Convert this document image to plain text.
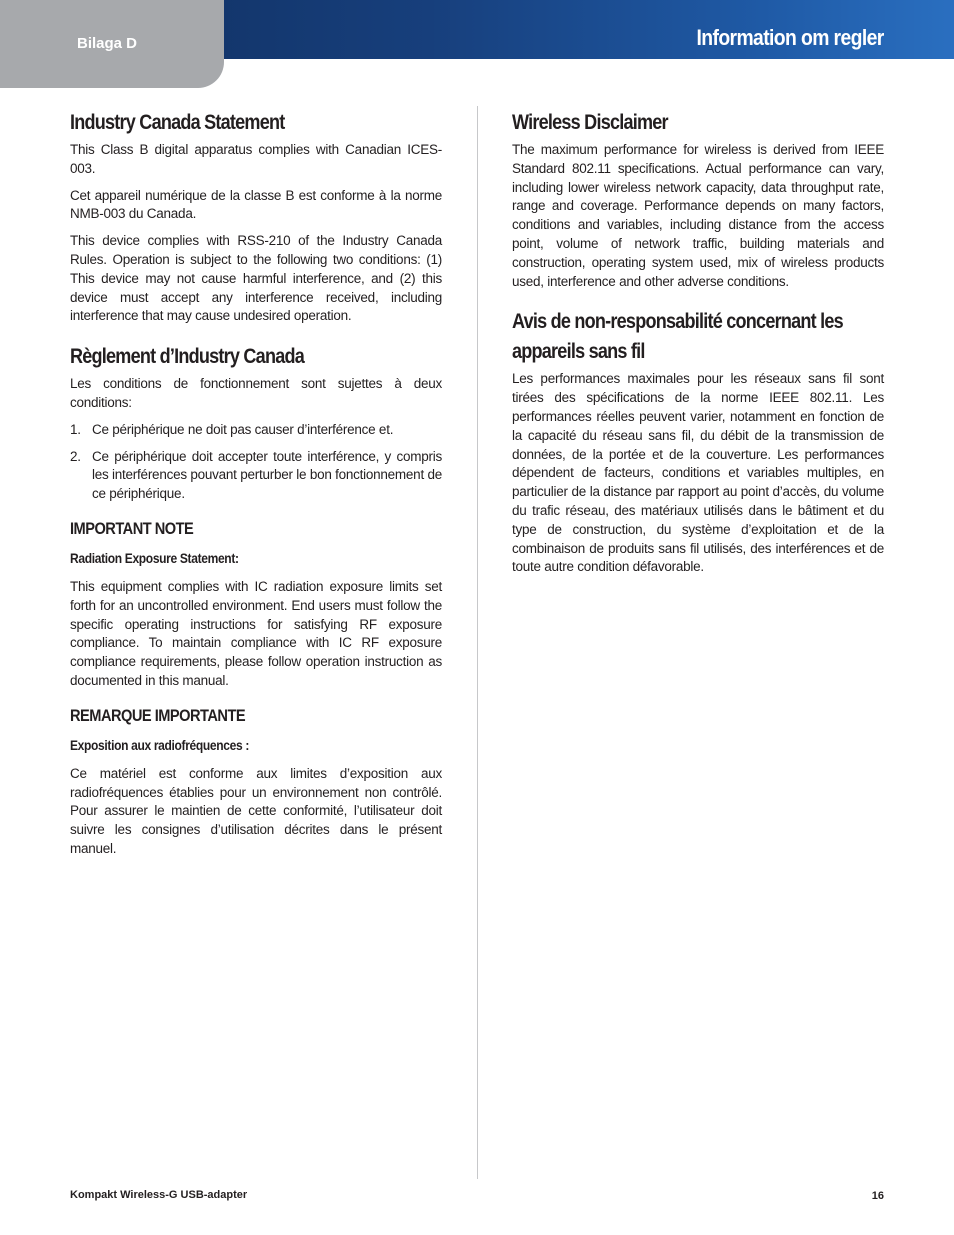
Bilaga D	Information om regler
Industry Canada Statement

This Class B digital apparatus complies with Canadian ICES-003.

Cet appareil numérique de la classe B est conforme à la norme NMB-003 du Canada.

This device complies with RSS-210 of the Industry Canada Rules. Operation is subject to the following two conditions: (1) This device may not cause harmful interference, and (2) this device must accept any interference received, including interference that may cause undesired operation.

Règlement d’Industry Canada

Les conditions de fonctionnement sont sujettes à deux conditions:

1. Ce périphérique ne doit pas causer d’interférence et.
2. Ce périphérique doit accepter toute interférence, y compris les interférences pouvant perturber le bon fonctionnement de ce périphérique.
IMPORTANT NOTE
Radiation Exposure Statement:

This equipment complies with IC radiation exposure limits set forth for an uncontrolled environment. End users must follow the specific operating instructions for satisfying RF exposure compliance. To maintain compliance with IC RF exposure compliance requirements, please follow operation instruction as documented in this manual.

REMARQUE IMPORTANTE
Exposition aux radiofréquences :

Ce matériel est conforme aux limites d’exposition aux radiofréquences établies pour un environnement non contrôlé. Pour assurer le maintien de cette conformité, l’utilisateur doit suivre les consignes d’utilisation décrites dans le présent manuel.

Wireless Disclaimer

The maximum performance for wireless is derived from IEEE Standard 802.11 specifications. Actual performance can vary, including lower wireless network capacity, data throughput rate, range and coverage. Performance depends on many factors, conditions and variables, including distance from the access point, volume of network traffic, building materials and construction, operating system used, mix of wireless products used, interference and other adverse conditions.

Avis de non-responsabilité concernant les appareils sans fil

Les performances maximales pour les réseaux sans fil sont tirées des spécifications de la norme IEEE 802.11. Les performances réelles peuvent varier, notamment en fonction de la capacité du réseau sans fil, du débit de la transmission de données, de la portée et de la couverture. Les performances dépendent de facteurs, conditions et variables multiples, en particulier de la distance par rapport au point d’accès, du volume du trafic réseau, des matériaux utilisés dans le bâtiment et du type de construction, du système d’exploitation et de la combinaison de produits sans fil utilisés, des interférences et de toute autre condition défavorable.

Kompakt Wireless-G USB-adapter	16
